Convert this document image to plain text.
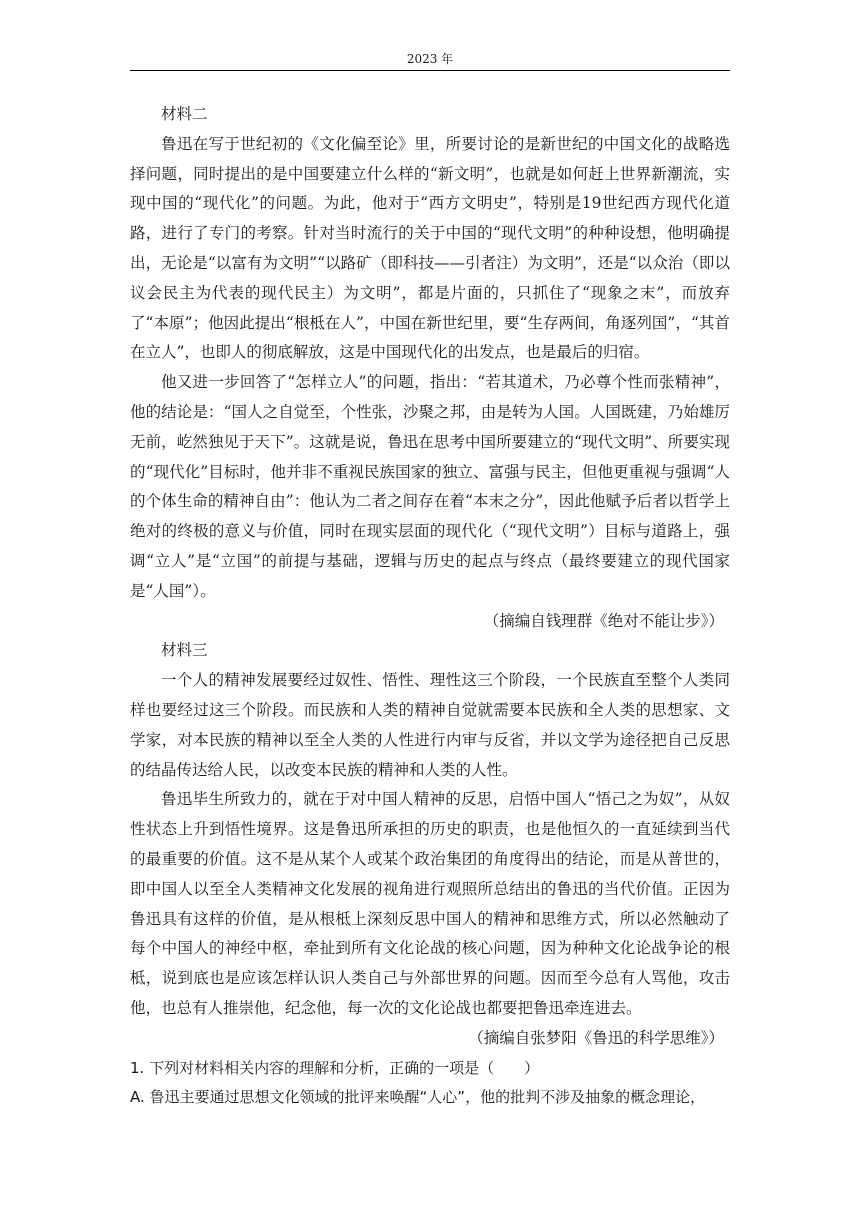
2023 年

材料二

鲁迅在写于世纪初的《文化偏至论》里，所要讨论的是新世纪的中国文化的战略选择问题，同时提出的是中国要建立什么样的“新文明”，也就是如何赶上世界新潮流，实现中国的“现代化”的问题。为此，他对于“西方文明史”，特别是19世纪西方现代化道路，进行了专门的考察。针对当时流行的关于中国的“现代文明”的种种设想，他明确提出，无论是“以富有为文明”“以路矿（即科技——引者注）为文明”，还是“以众治（即以议会民主为代表的现代民主）为文明”，都是片面的，只抓住了“现象之末”，而放弃了“本原”；他因此提出“根柢在人”，中国在新世纪里，要“生存两间，角逐列国”，“其首在立人”，也即人的彻底解放，这是中国现代化的出发点，也是最后的归宿。

他又进一步回答了“怎样立人”的问题，指出：“若其道术，乃必尊个性而张精神”，他的结论是：“国人之自觉至，个性张，沙聚之邦，由是转为人国。人国既建，乃始雄厉无前，屹然独见于天下”。这就是说，鲁迅在思考中国所要建立的“现代文明”、所要实现的“现代化”目标时，他并非不重视民族国家的独立、富强与民主，但他更重视与强调“人的个体生命的精神自由”：他认为二者之间存在着“本末之分”，因此他赋予后者以哲学上绝对的终极的意义与价值，同时在现实层面的现代化（“现代文明”）目标与道路上，强调“立人”是“立国”的前提与基础，逻辑与历史的起点与终点（最终要建立的现代国家是“人国”）。

（摘编自钱理群《绝对不能让步》）

材料三

一个人的精神发展要经过奴性、悟性、理性这三个阶段，一个民族直至整个人类同样也要经过这三个阶段。而民族和人类的精神自觉就需要本民族和全人类的思想家、文学家，对本民族的精神以至全人类的人性进行内审与反省，并以文学为途径把自己反思的结晶传达给人民，以改变本民族的精神和人类的人性。

鲁迅毕生所致力的，就在于对中国人精神的反思，启悟中国人“悟己之为奴”，从奴性状态上升到悟性境界。这是鲁迅所承担的历史的职责，也是他恒久的一直延续到当代的最重要的价值。这不是从某个人或某个政治集团的角度得出的结论，而是从普世的，即中国人以至全人类精神文化发展的视角进行观照所总结出的鲁迅的当代价值。正因为鲁迅具有这样的价值，是从根柢上深刻反思中国人的精神和思维方式，所以必然触动了每个中国人的神经中枢，牵扯到所有文化论战的核心问题，因为种种文化论战争论的根柢，说到底也是应该怎样认识人类自己与外部世界的问题。因而至今总有人骂他，攻击他，也总有人推崇他，纪念他，每一次的文化论战也都要把鲁迅牵连进去。

（摘编自张梦阳《鲁迅的科学思维》）

1. 下列对材料相关内容的理解和分析，正确的一项是（　　）

A. 鲁迅主要通过思想文化领域的批评来唤醒“人心”，他的批判不涉及抽象的概念理论，
